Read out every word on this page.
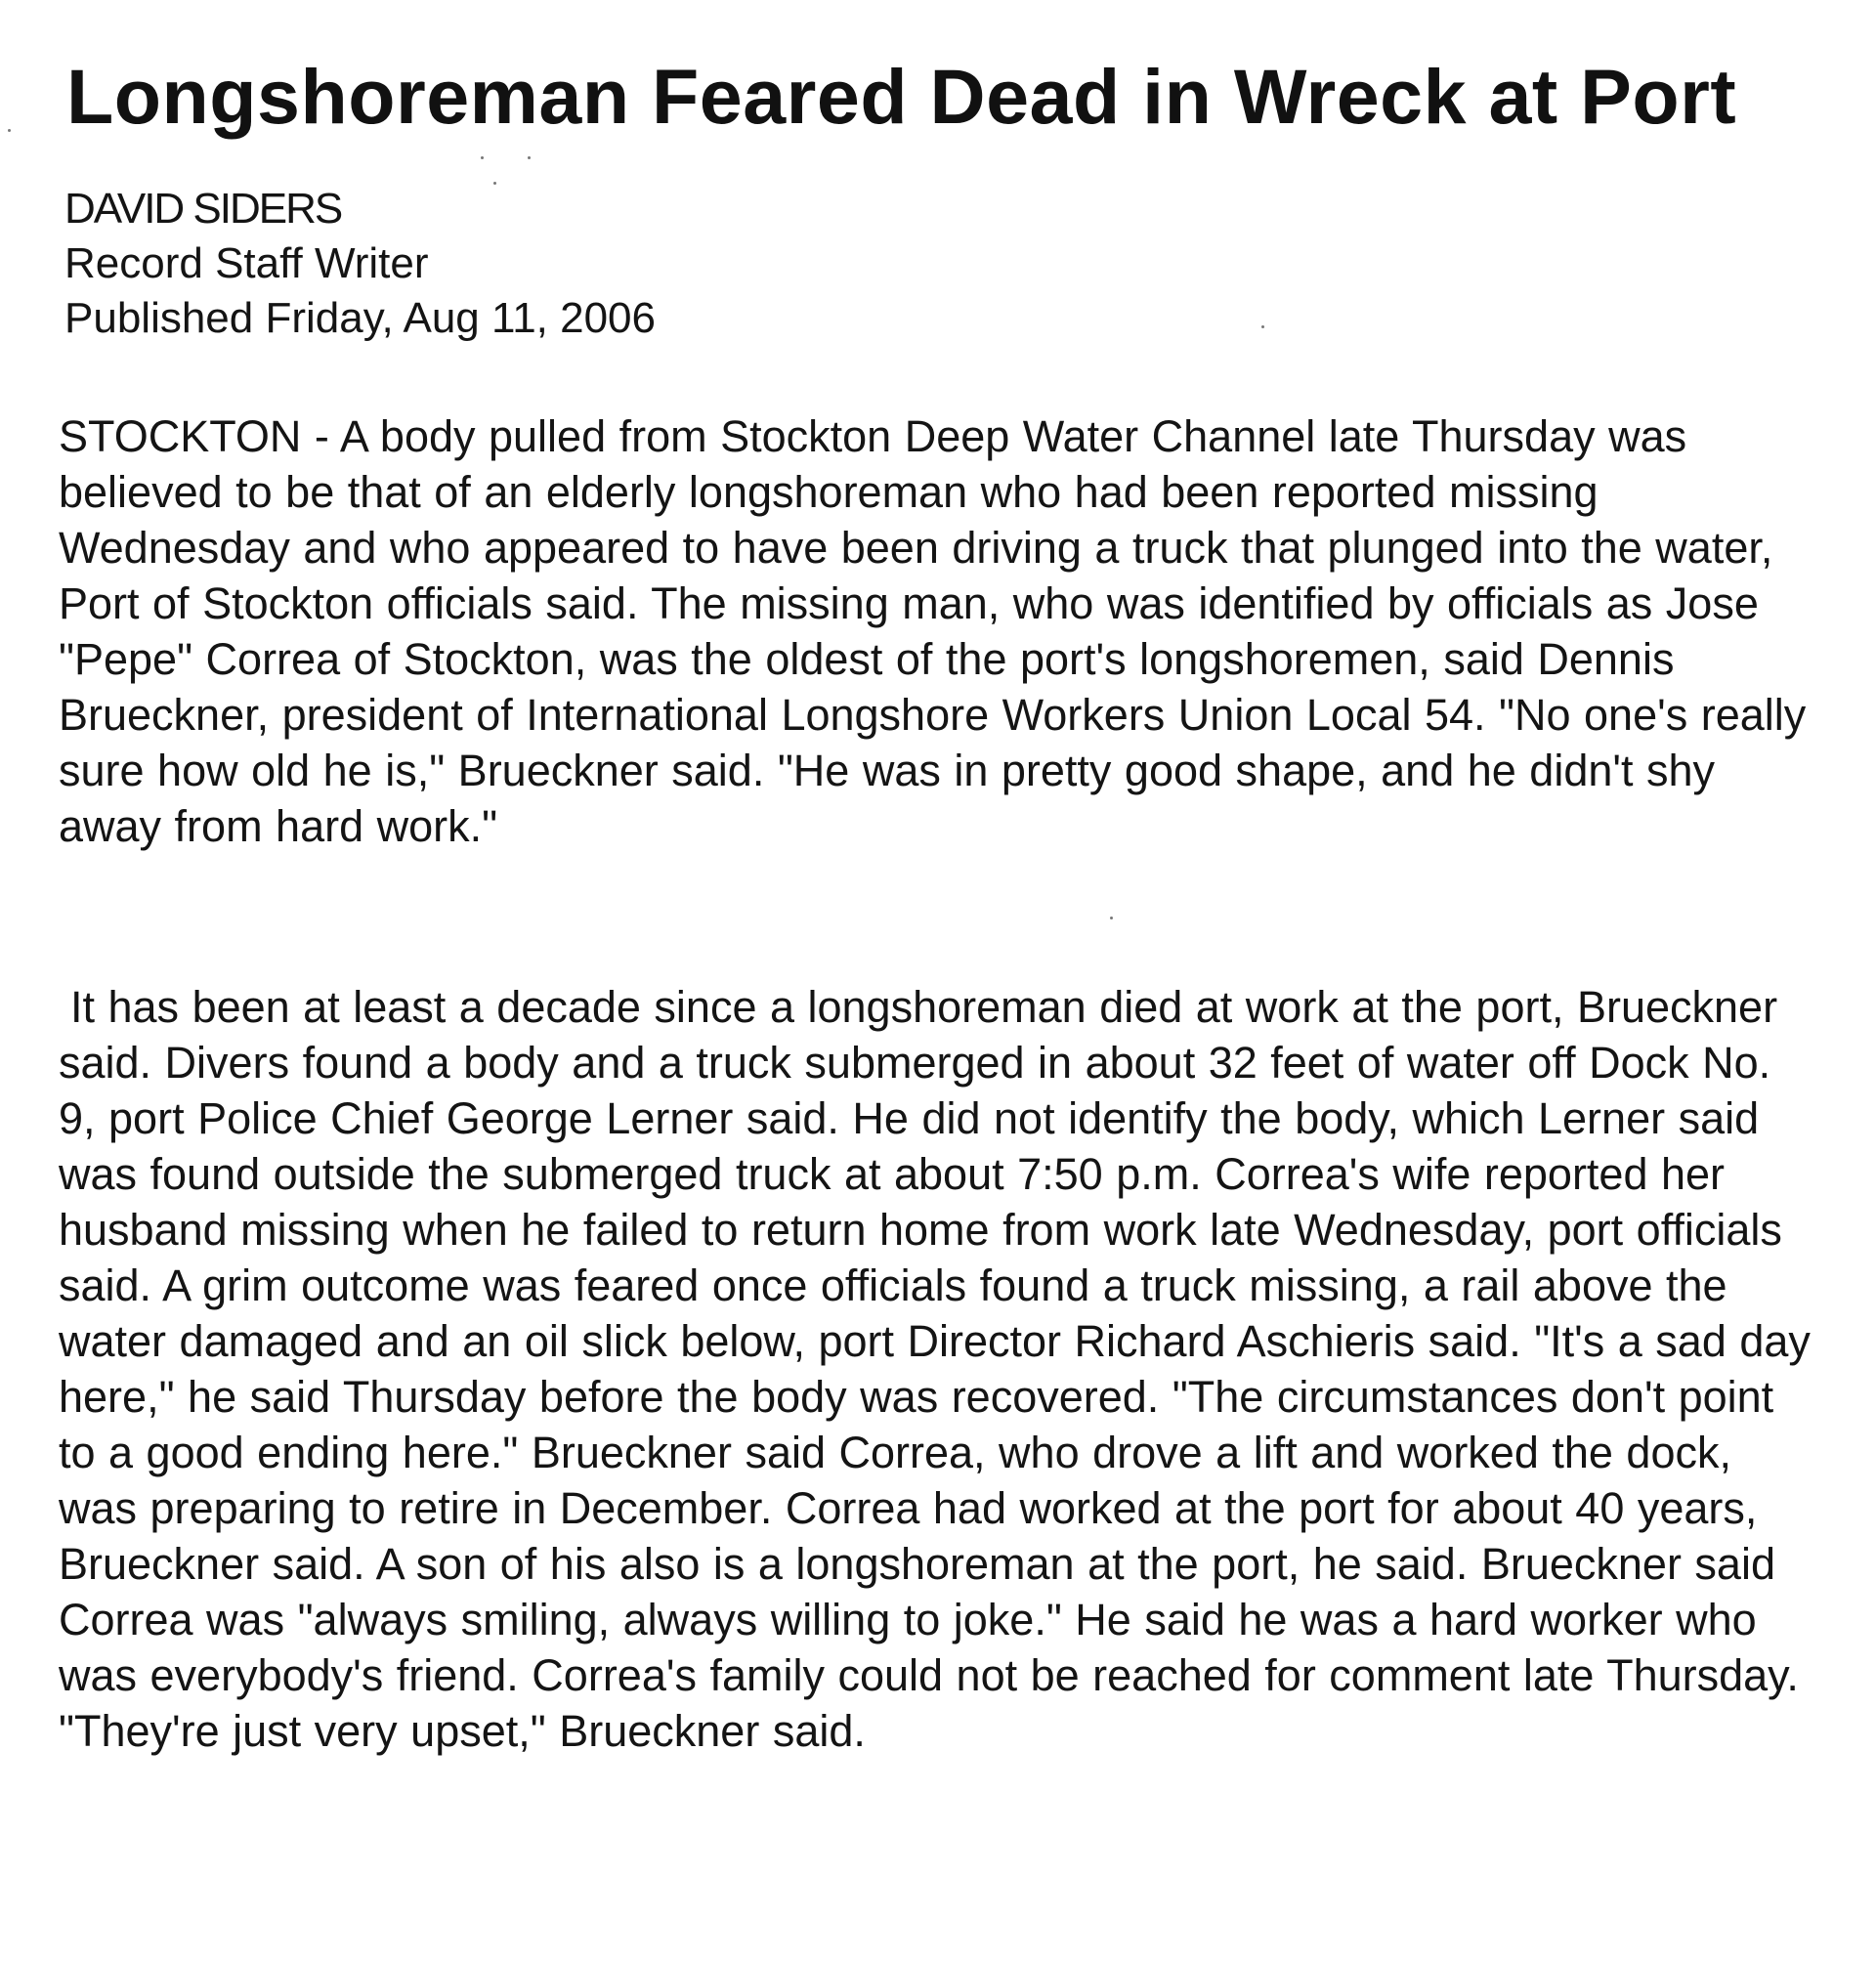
Longshoreman Feared Dead in Wreck at Port
DAVID SIDERS
Record Staff Writer
Published Friday, Aug 11, 2006

STOCKTON - A body pulled from Stockton Deep Water Channel late Thursday was believed to be that of an elderly longshoreman who had been reported missing Wednesday and who appeared to have been driving a truck that plunged into the water, Port of Stockton officials said. The missing man, who was identified by officials as Jose "Pepe" Correa of Stockton, was the oldest of the port's longshoremen, said Dennis Brueckner, president of International Longshore Workers Union Local 54. "No one's really sure how old he is," Brueckner said. "He was in pretty good shape, and he didn't shy away from hard work."

It has been at least a decade since a longshoreman died at work at the port, Brueckner said. Divers found a body and a truck submerged in about 32 feet of water off Dock No. 9, port Police Chief George Lerner said. He did not identify the body, which Lerner said was found outside the submerged truck at about 7:50 p.m. Correa's wife reported her husband missing when he failed to return home from work late Wednesday, port officials said. A grim outcome was feared once officials found a truck missing, a rail above the water damaged and an oil slick below, port Director Richard Aschieris said. "It's a sad day here," he said Thursday before the body was recovered. "The circumstances don't point to a good ending here." Brueckner said Correa, who drove a lift and worked the dock, was preparing to retire in December. Correa had worked at the port for about 40 years, Brueckner said. A son of his also is a longshoreman at the port, he said. Brueckner said Correa was "always smiling, always willing to joke." He said he was a hard worker who was everybody's friend. Correa's family could not be reached for comment late Thursday. "They're just very upset," Brueckner said.
